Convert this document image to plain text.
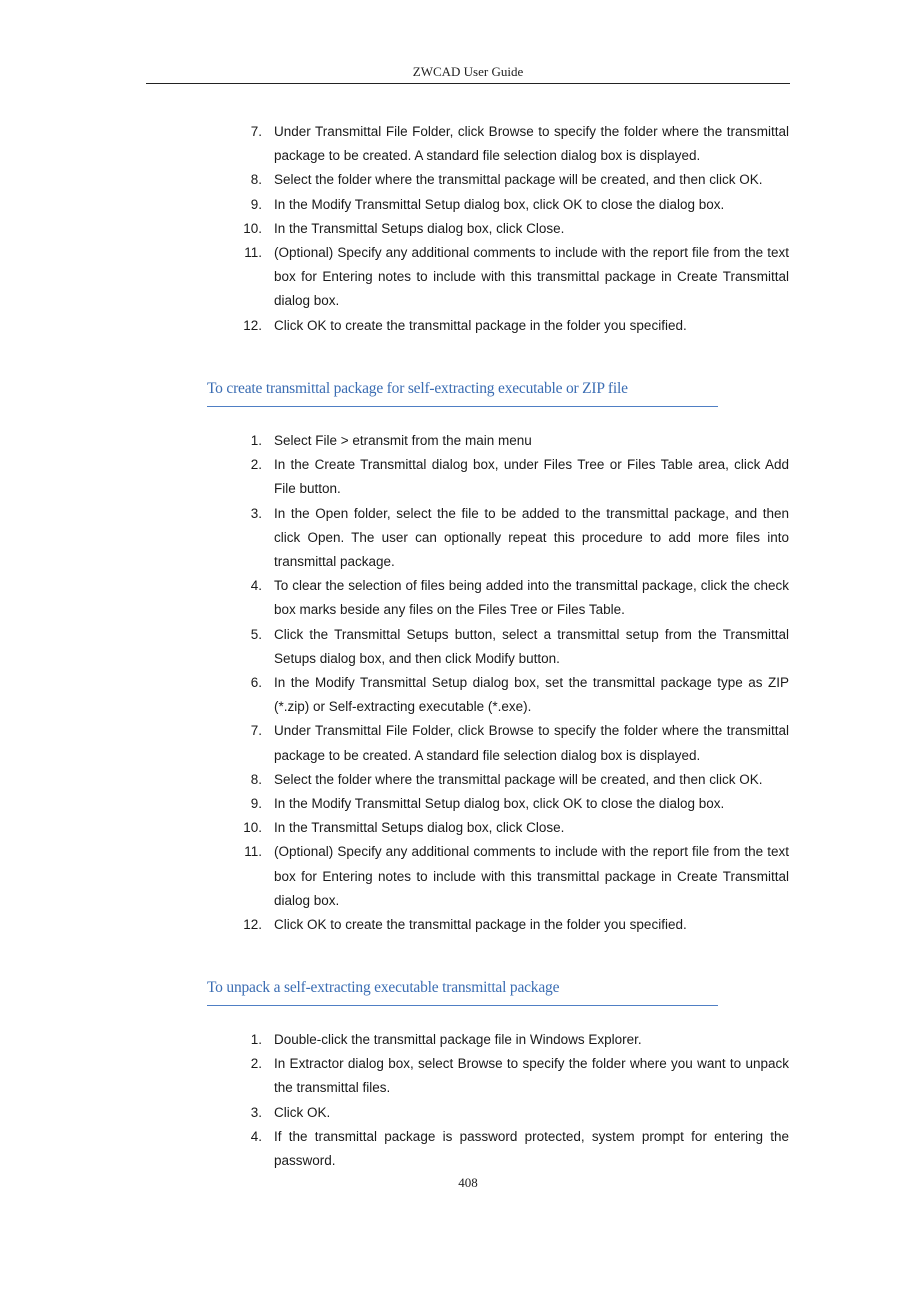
ZWCAD User Guide
7. Under Transmittal File Folder, click Browse to specify the folder where the transmittal package to be created. A standard file selection dialog box is displayed.
8. Select the folder where the transmittal package will be created, and then click OK.
9. In the Modify Transmittal Setup dialog box, click OK to close the dialog box.
10. In the Transmittal Setups dialog box, click Close.
11. (Optional) Specify any additional comments to include with the report file from the text box for Entering notes to include with this transmittal package in Create Transmittal dialog box.
12. Click OK to create the transmittal package in the folder you specified.
To create transmittal package for self-extracting executable or ZIP file
1. Select File > etransmit from the main menu
2. In the Create Transmittal dialog box, under Files Tree or Files Table area, click Add File button.
3. In the Open folder, select the file to be added to the transmittal package, and then click Open. The user can optionally repeat this procedure to add more files into transmittal package.
4. To clear the selection of files being added into the transmittal package, click the check box marks beside any files on the Files Tree or Files Table.
5. Click the Transmittal Setups button, select a transmittal setup from the Transmittal Setups dialog box, and then click Modify button.
6. In the Modify Transmittal Setup dialog box, set the transmittal package type as ZIP (*.zip) or Self-extracting executable (*.exe).
7. Under Transmittal File Folder, click Browse to specify the folder where the transmittal package to be created. A standard file selection dialog box is displayed.
8. Select the folder where the transmittal package will be created, and then click OK.
9. In the Modify Transmittal Setup dialog box, click OK to close the dialog box.
10. In the Transmittal Setups dialog box, click Close.
11. (Optional) Specify any additional comments to include with the report file from the text box for Entering notes to include with this transmittal package in Create Transmittal dialog box.
12. Click OK to create the transmittal package in the folder you specified.
To unpack a self-extracting executable transmittal package
1. Double-click the transmittal package file in Windows Explorer.
2. In Extractor dialog box, select Browse to specify the folder where you want to unpack the transmittal files.
3. Click OK.
4. If the transmittal package is password protected, system prompt for entering the password.
408
